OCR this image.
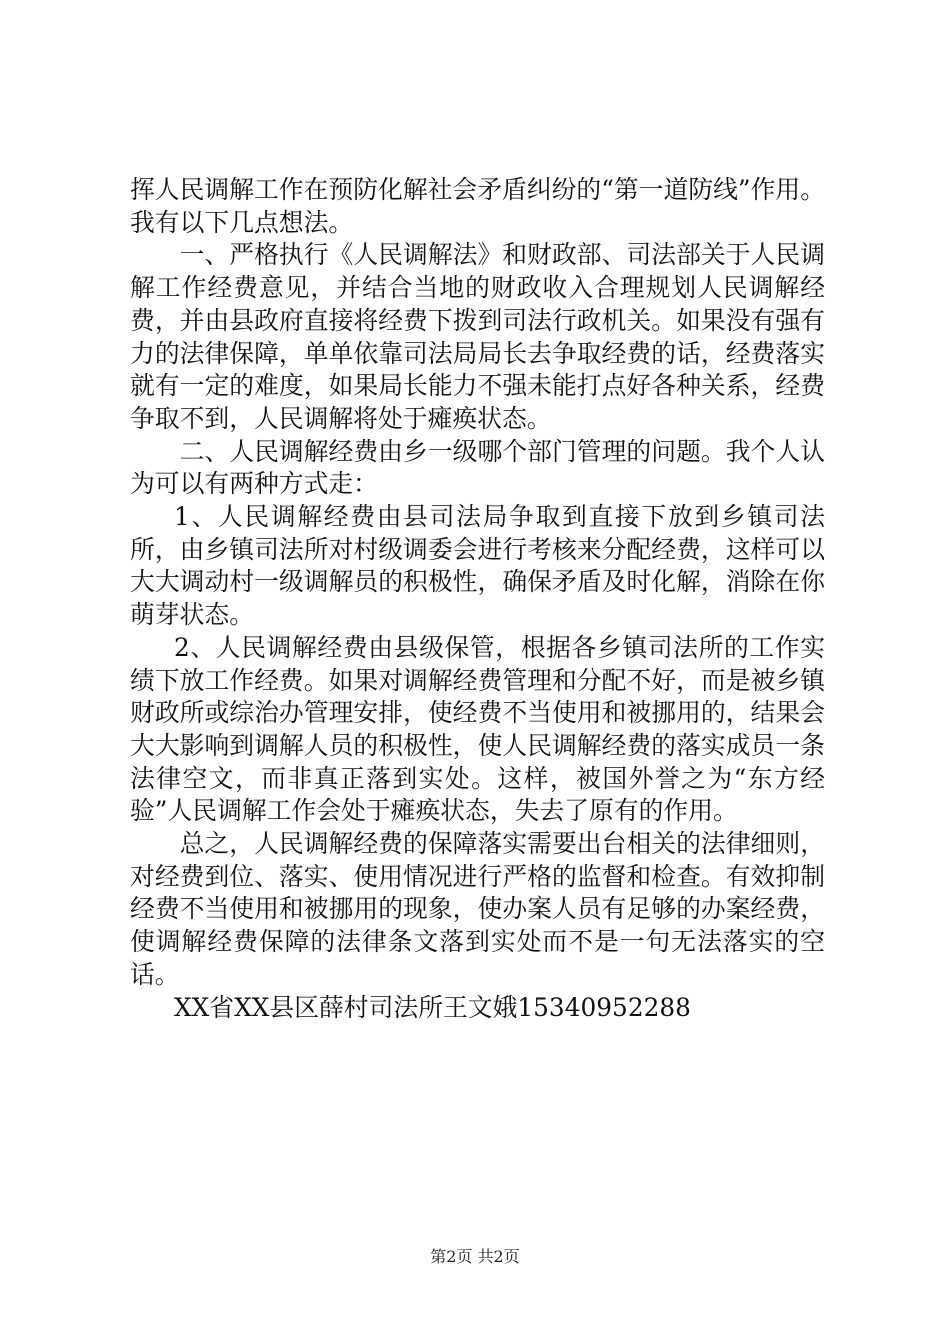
挥人民调解工作在预防化解社会矛盾纠纷的“第一道防线”作用。我有以下几点想法。

一、严格执行《人民调解法》和财政部、司法部关于人民调解工作经费意见，并结合当地的财政收入合理规划人民调解经费，并由县政府直接将经费下拨到司法行政机关。如果没有强有力的法律保障，单单依靠司法局局长去争取经费的话，经费落实就有一定的难度，如果局长能力不强未能打点好各种关系，经费争取不到，人民调解将处于瘫痪状态。

二、人民调解经费由乡一级哪个部门管理的问题。我个人认为可以有两种方式走：

1、人民调解经费由县司法局争取到直接下放到乡镇司法所，由乡镇司法所对村级调委会进行考核来分配经费，这样可以大大调动村一级调解员的积极性，确保矛盾及时化解，消除在你萌芽状态。

2、人民调解经费由县级保管，根据各乡镇司法所的工作实绩下放工作经费。如果对调解经费管理和分配不好，而是被乡镇财政所或综治办管理安排，使经费不当使用和被挪用的，结果会大大影响到调解人员的积极性，使人民调解经费的落实成员一条法律空文，而非真正落到实处。这样，被国外誉之为“东方经验”人民调解工作会处于瘫痪状态，失去了原有的作用。

总之，人民调解经费的保障落实需要出台相关的法律细则，对经费到位、落实、使用情况进行严格的监督和检查。有效抑制经费不当使用和被挪用的现象，使办案人员有足够的办案经费，使调解经费保障的法律条文落到实处而不是一句无法落实的空话。

XX省XX县区薛村司法所王文娥15340952288

第2页 共2页
